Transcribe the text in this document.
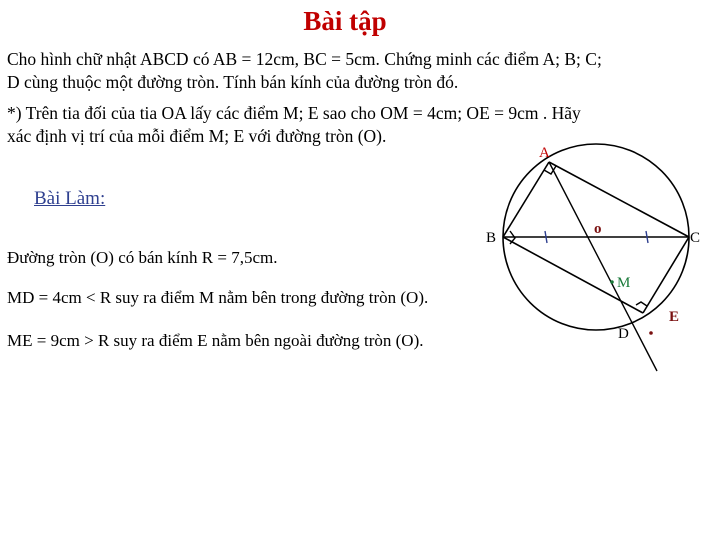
Bài tập
Cho hình chữ nhật ABCD có AB = 12cm, BC = 5cm. Chứng minh các điểm A; B; C;
D cùng thuộc một đường tròn. Tính bán kính của đường tròn đó.
*) Trên tia đối của tia OA lấy các điểm M; E sao cho OM = 4cm; OE = 9cm . Hãy
xác định vị trí của mỗi điểm M; E với đường tròn (O).
Bài Làm:
Đường tròn (O) có bán kính R = 7,5cm.
MD = 4cm < R suy ra điểm M nằm bên trong đường tròn (O).
ME = 9cm > R suy ra điểm E nằm bên ngoài đường tròn (O).
A
B	C
o
M
D
E
